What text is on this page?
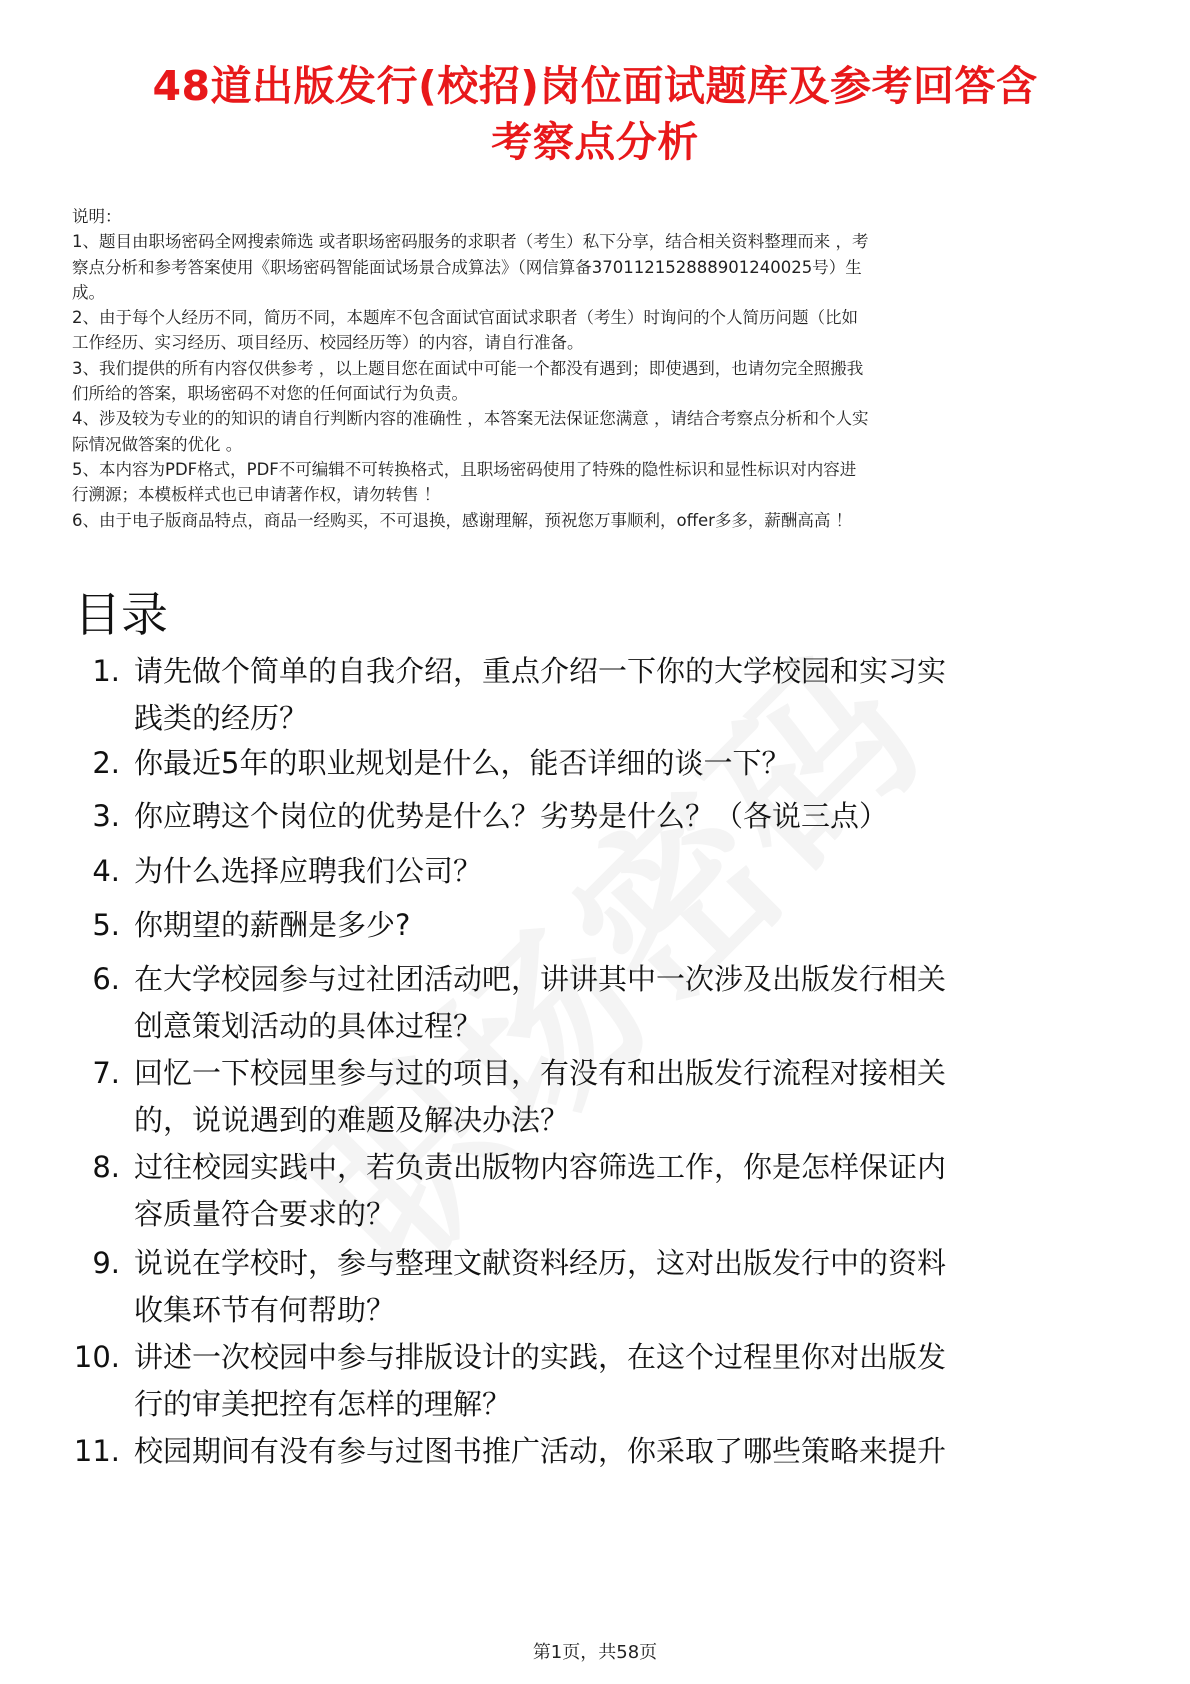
48道出版发行(校招)岗位面试题库及参考回答含
考察点分析

说明：

1、题目由职场密码全网搜索筛选 或者职场密码服务的求职者（考生）私下分享，结合相关资料整理而来 ，考

察点分析和参考答案使用《职场密码智能面试场景合成算法》（网信算备370112152888901240025号）生

成。

2、由于每个人经历不同，简历不同，本题库不包含面试官面试求职者（考生）时询问的个人简历问题（比如

工作经历、实习经历、项目经历、校园经历等）的内容，请自行准备。

3、我们提供的所有内容仅供参考 ，以上题目您在面试中可能一个都没有遇到；即使遇到，也请勿完全照搬我

们所给的答案，职场密码不对您的任何面试行为负责。

4、涉及较为专业的的知识的请自行判断内容的准确性 ，本答案无法保证您满意 ，请结合考察点分析和个人实

际情况做答案的优化 。

5、本内容为PDF格式，PDF不可编辑不可转换格式，且职场密码使用了特殊的隐性标识和显性标识对内容进

行溯源；本模板样式也已申请著作权，请勿转售 ！

6、由于电子版商品特点，商品一经购买，不可退换，感谢理解，预祝您万事顺利，offer多多，薪酬高高 ！

目录
1. 请先做个简单的自我介绍，重点介绍一下你的大学校园和实习实
践类的经历？
2. 你最近5年的职业规划是什么，能否详细的谈一下？
3. 你应聘这个岗位的优势是什么？劣势是什么？（各说三点）
4. 为什么选择应聘我们公司？
5. 你期望的薪酬是多少?
6. 在大学校园参与过社团活动吧，讲讲其中一次涉及出版发行相关
创意策划活动的具体过程？
7. 回忆一下校园里参与过的项目，有没有和出版发行流程对接相关
的，说说遇到的难题及解决办法？
8. 过往校园实践中，若负责出版物内容筛选工作，你是怎样保证内
容质量符合要求的？
9. 说说在学校时，参与整理文献资料经历，这对出版发行中的资料
收集环节有何帮助？
10. 讲述一次校园中参与排版设计的实践，在这个过程里你对出版发
行的审美把控有怎样的理解？
11. 校园期间有没有参与过图书推广活动，你采取了哪些策略来提升
第1页，共58页
